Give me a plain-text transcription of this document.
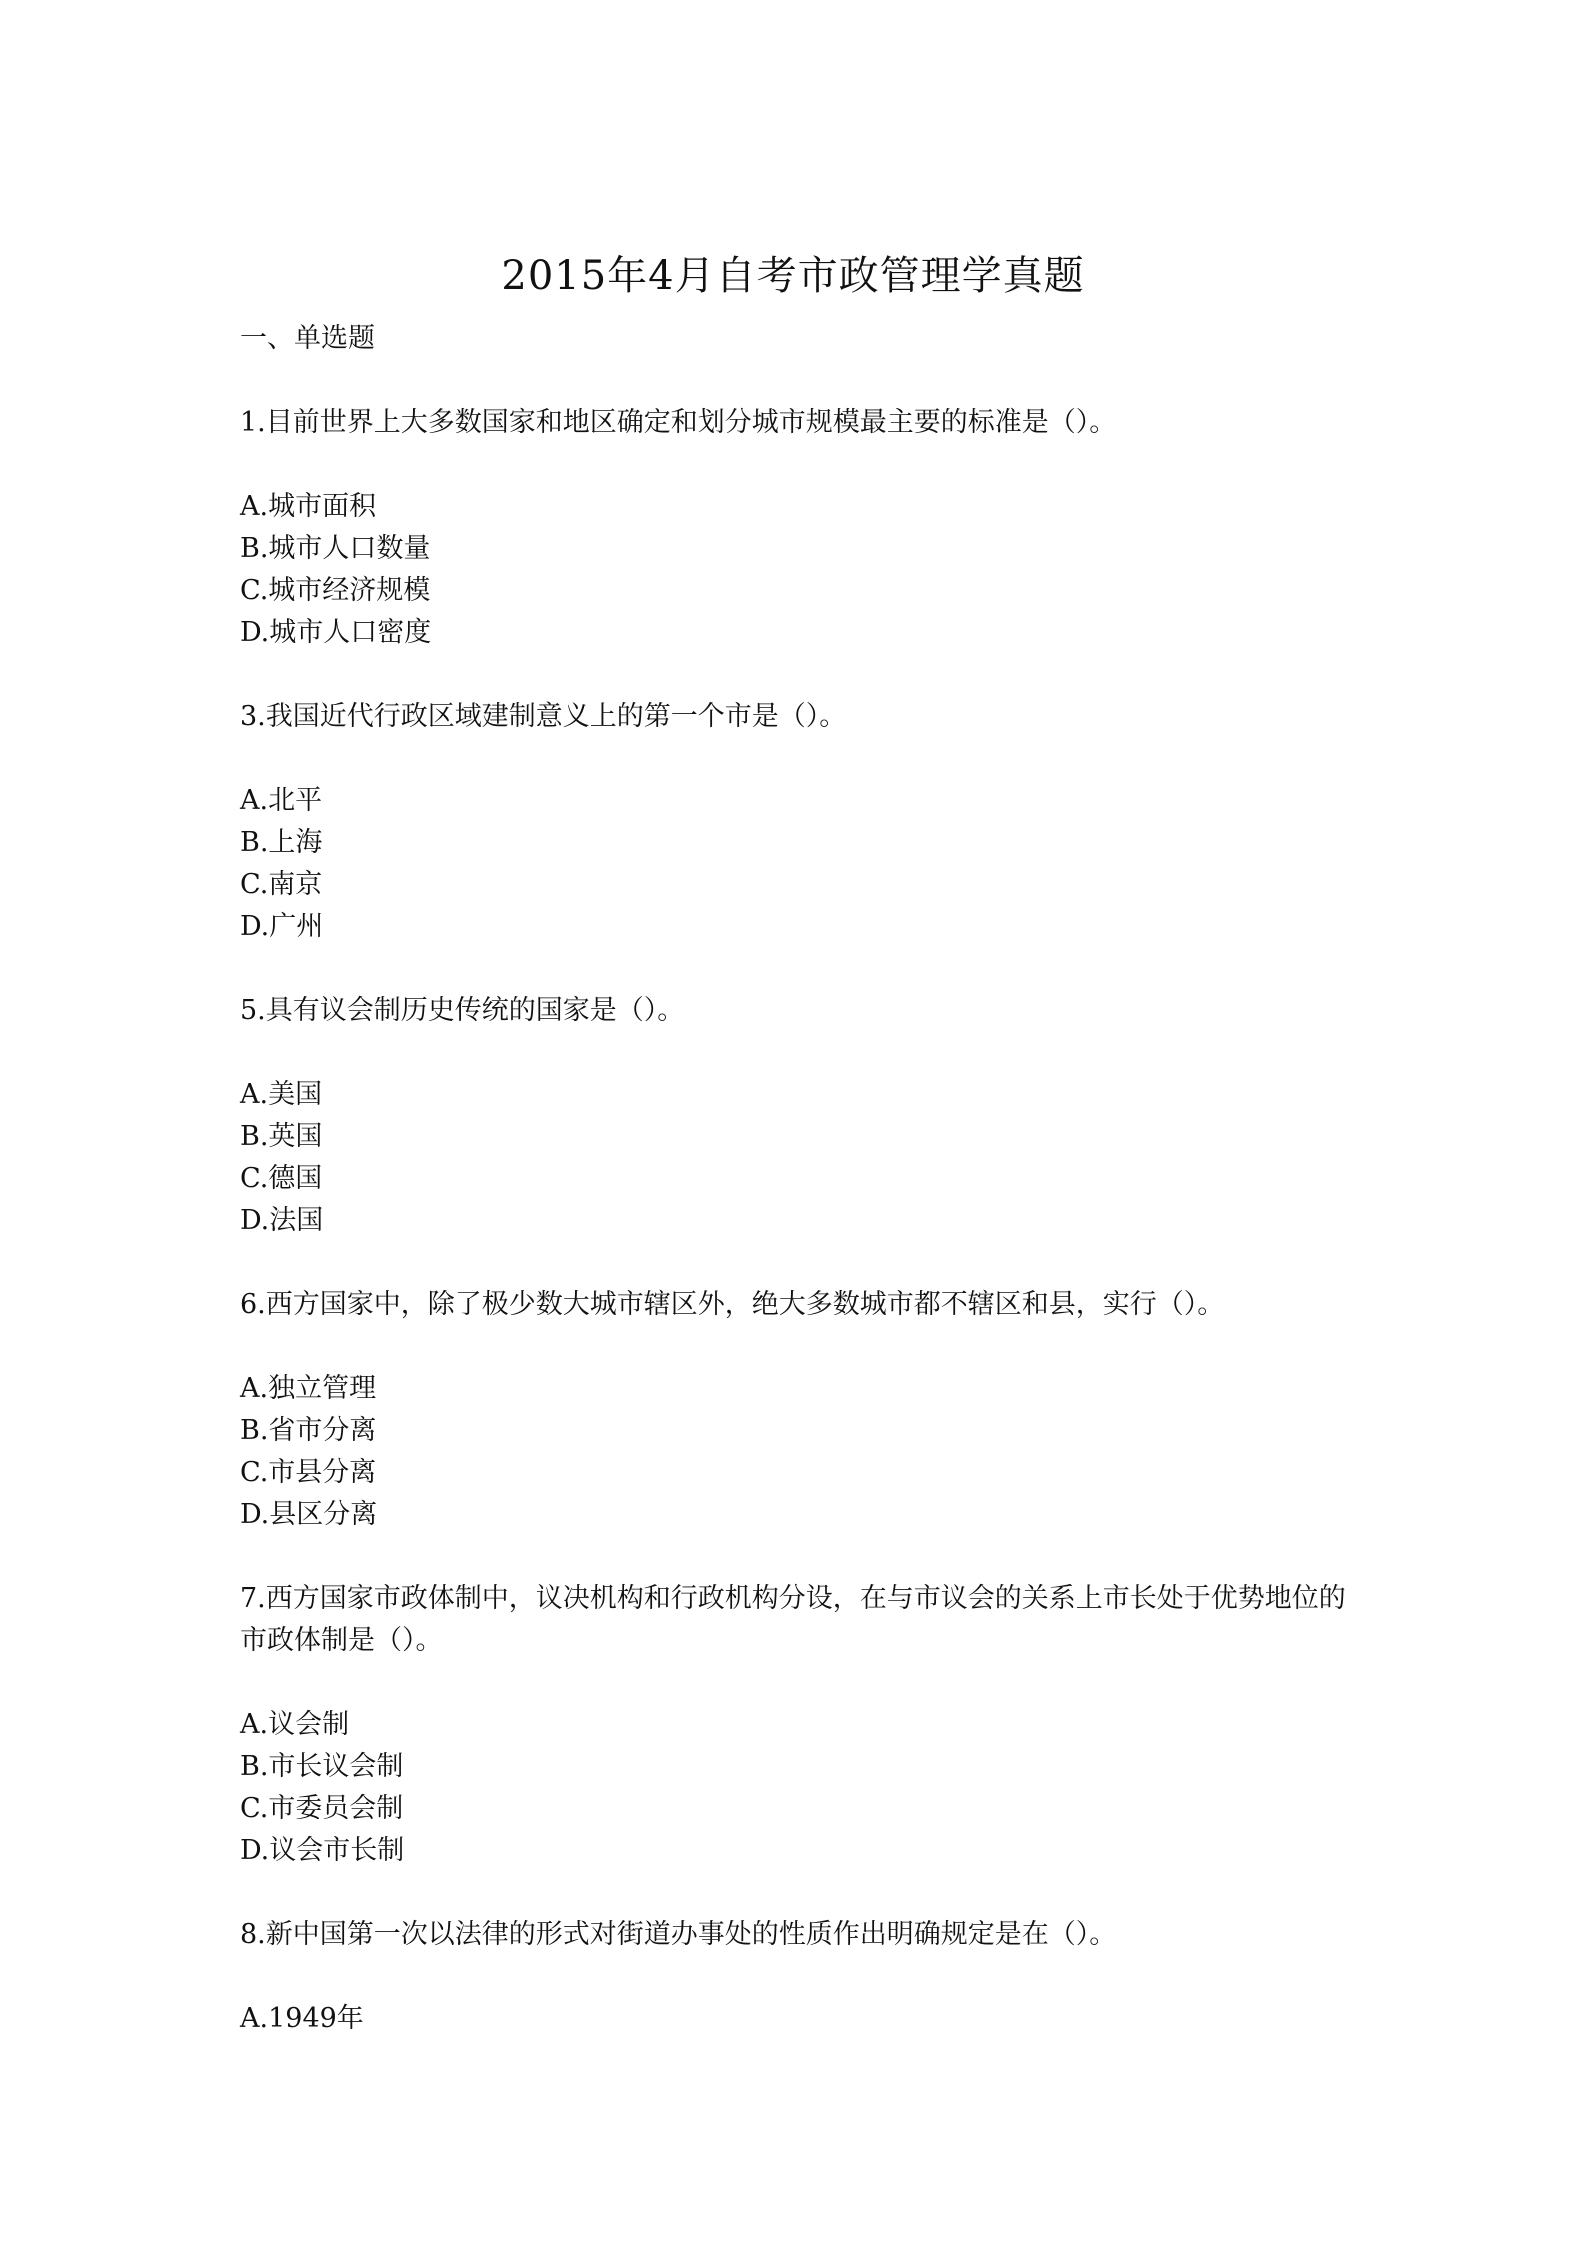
2015年4月自考市政管理学真题
一、单选题
1.目前世界上大多数国家和地区确定和划分城市规模最主要的标准是（）。
A.城市面积
B.城市人口数量
C.城市经济规模
D.城市人口密度
3.我国近代行政区域建制意义上的第一个市是（）。
A.北平
B.上海
C.南京
D.广州
5.具有议会制历史传统的国家是（）。
A.美国
B.英国
C.德国
D.法国
6.西方国家中，除了极少数大城市辖区外，绝大多数城市都不辖区和县，实行（）。
A.独立管理
B.省市分离
C.市县分离
D.县区分离
7.西方国家市政体制中，议决机构和行政机构分设，在与市议会的关系上市长处于优势地位的市政体制是（）。
A.议会制
B.市长议会制
C.市委员会制
D.议会市长制
8.新中国第一次以法律的形式对街道办事处的性质作出明确规定是在（）。
A.1949年
